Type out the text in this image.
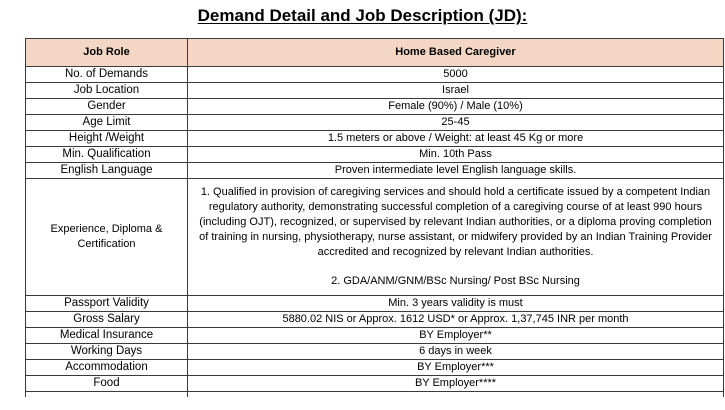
Demand Detail and Job Description (JD):
Job Role	Home Based Caregiver
No. of Demands	5000
Job Location	Israel
Gender	Female (90%) / Male (10%)
Age Limit	25-45
Height /Weight	1.5 meters or above / Weight: at least 45 Kg or more
Min. Qualification	Min. 10th Pass
English Language	Proven intermediate level English language skills.
Experience, Diploma & Certification	1. Qualified in provision of caregiving services and should hold a certificate issued by a competent Indian regulatory authority, demonstrating successful completion of a caregiving course of at least 990 hours (including OJT), recognized, or supervised by relevant Indian authorities, or a diploma proving completion of training in nursing, physiotherapy, nurse assistant, or midwifery provided by an Indian Training Provider accredited and recognized by relevant Indian authorities.

2. GDA/ANM/GNM/BSc Nursing/ Post BSc Nursing

Passport Validity	Min. 3 years validity is must
Gross Salary	5880.02 NIS or Approx. 1612 USD* or Approx. 1,37,745 INR per month
Medical Insurance	BY Employer**
Working Days	6 days in week
Accommodation	BY Employer***
Food	BY Employer****
